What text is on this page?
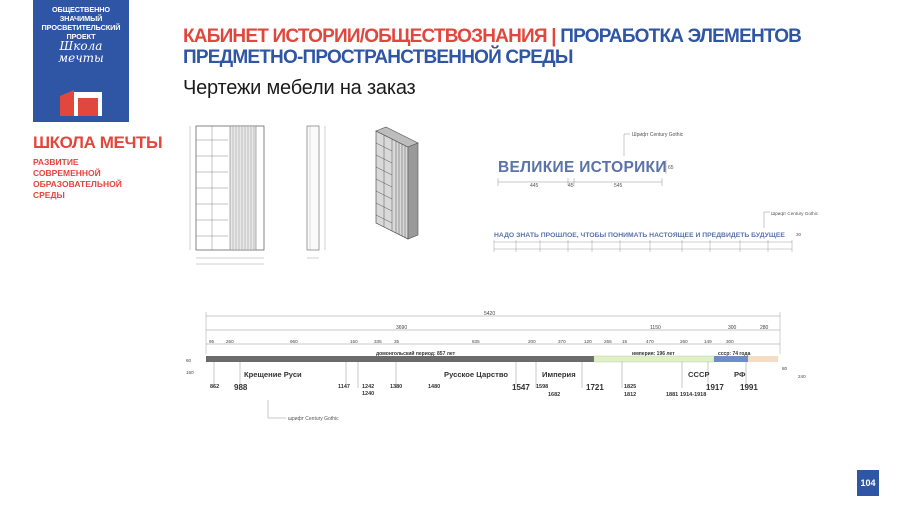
ОБЩЕСТВЕННО ЗНАЧИМЫЙ ПРОСВЕТИТЕЛЬСКИЙ ПРОЕКТ
Школа мечты
ШКОЛА МЕЧТЫ
РАЗВИТИЕ СОВРЕМЕННОЙ ОБРАЗОВАТЕЛЬНОЙ СРЕДЫ
КАБИНЕТ ИСТОРИИ/ОБЩЕСТВОЗНАНИЯ | ПРОРАБОТКА ЭЛЕМЕНТОВ ПРЕДМЕТНО-ПРОСТРАНСТВЕННОЙ СРЕДЫ
Чертежи мебели на заказ
Шрифт Century Gothic
ВЕЛИКИЕ ИСТОРИКИ 65
445	45	545
Шрифт Century Gothic
НАДО ЗНАТЬ ПРОШЛОЕ, ЧТОБЫ ПОНИМАТЬ НАСТОЯЩЕЕ И ПРЕДВИДЕТЬ БУДУЩЕЕ 30
5420
3690	1150	300	280
95	260	960	150	335	35	835	200	370	120	255 15	470	260	149	300
60
160
домонгольский период: 857 лет	империя: 196 лет	ссср: 74 года
Крещение Руси	Русское Царство	Империя	СССР	РФ
862 988	1147 1242
1240
1380	1480	1547 1598
1682
1721	1825
1812	1881 1914-1918
1917 1991
шрифт Century Gothic
80
240
104
